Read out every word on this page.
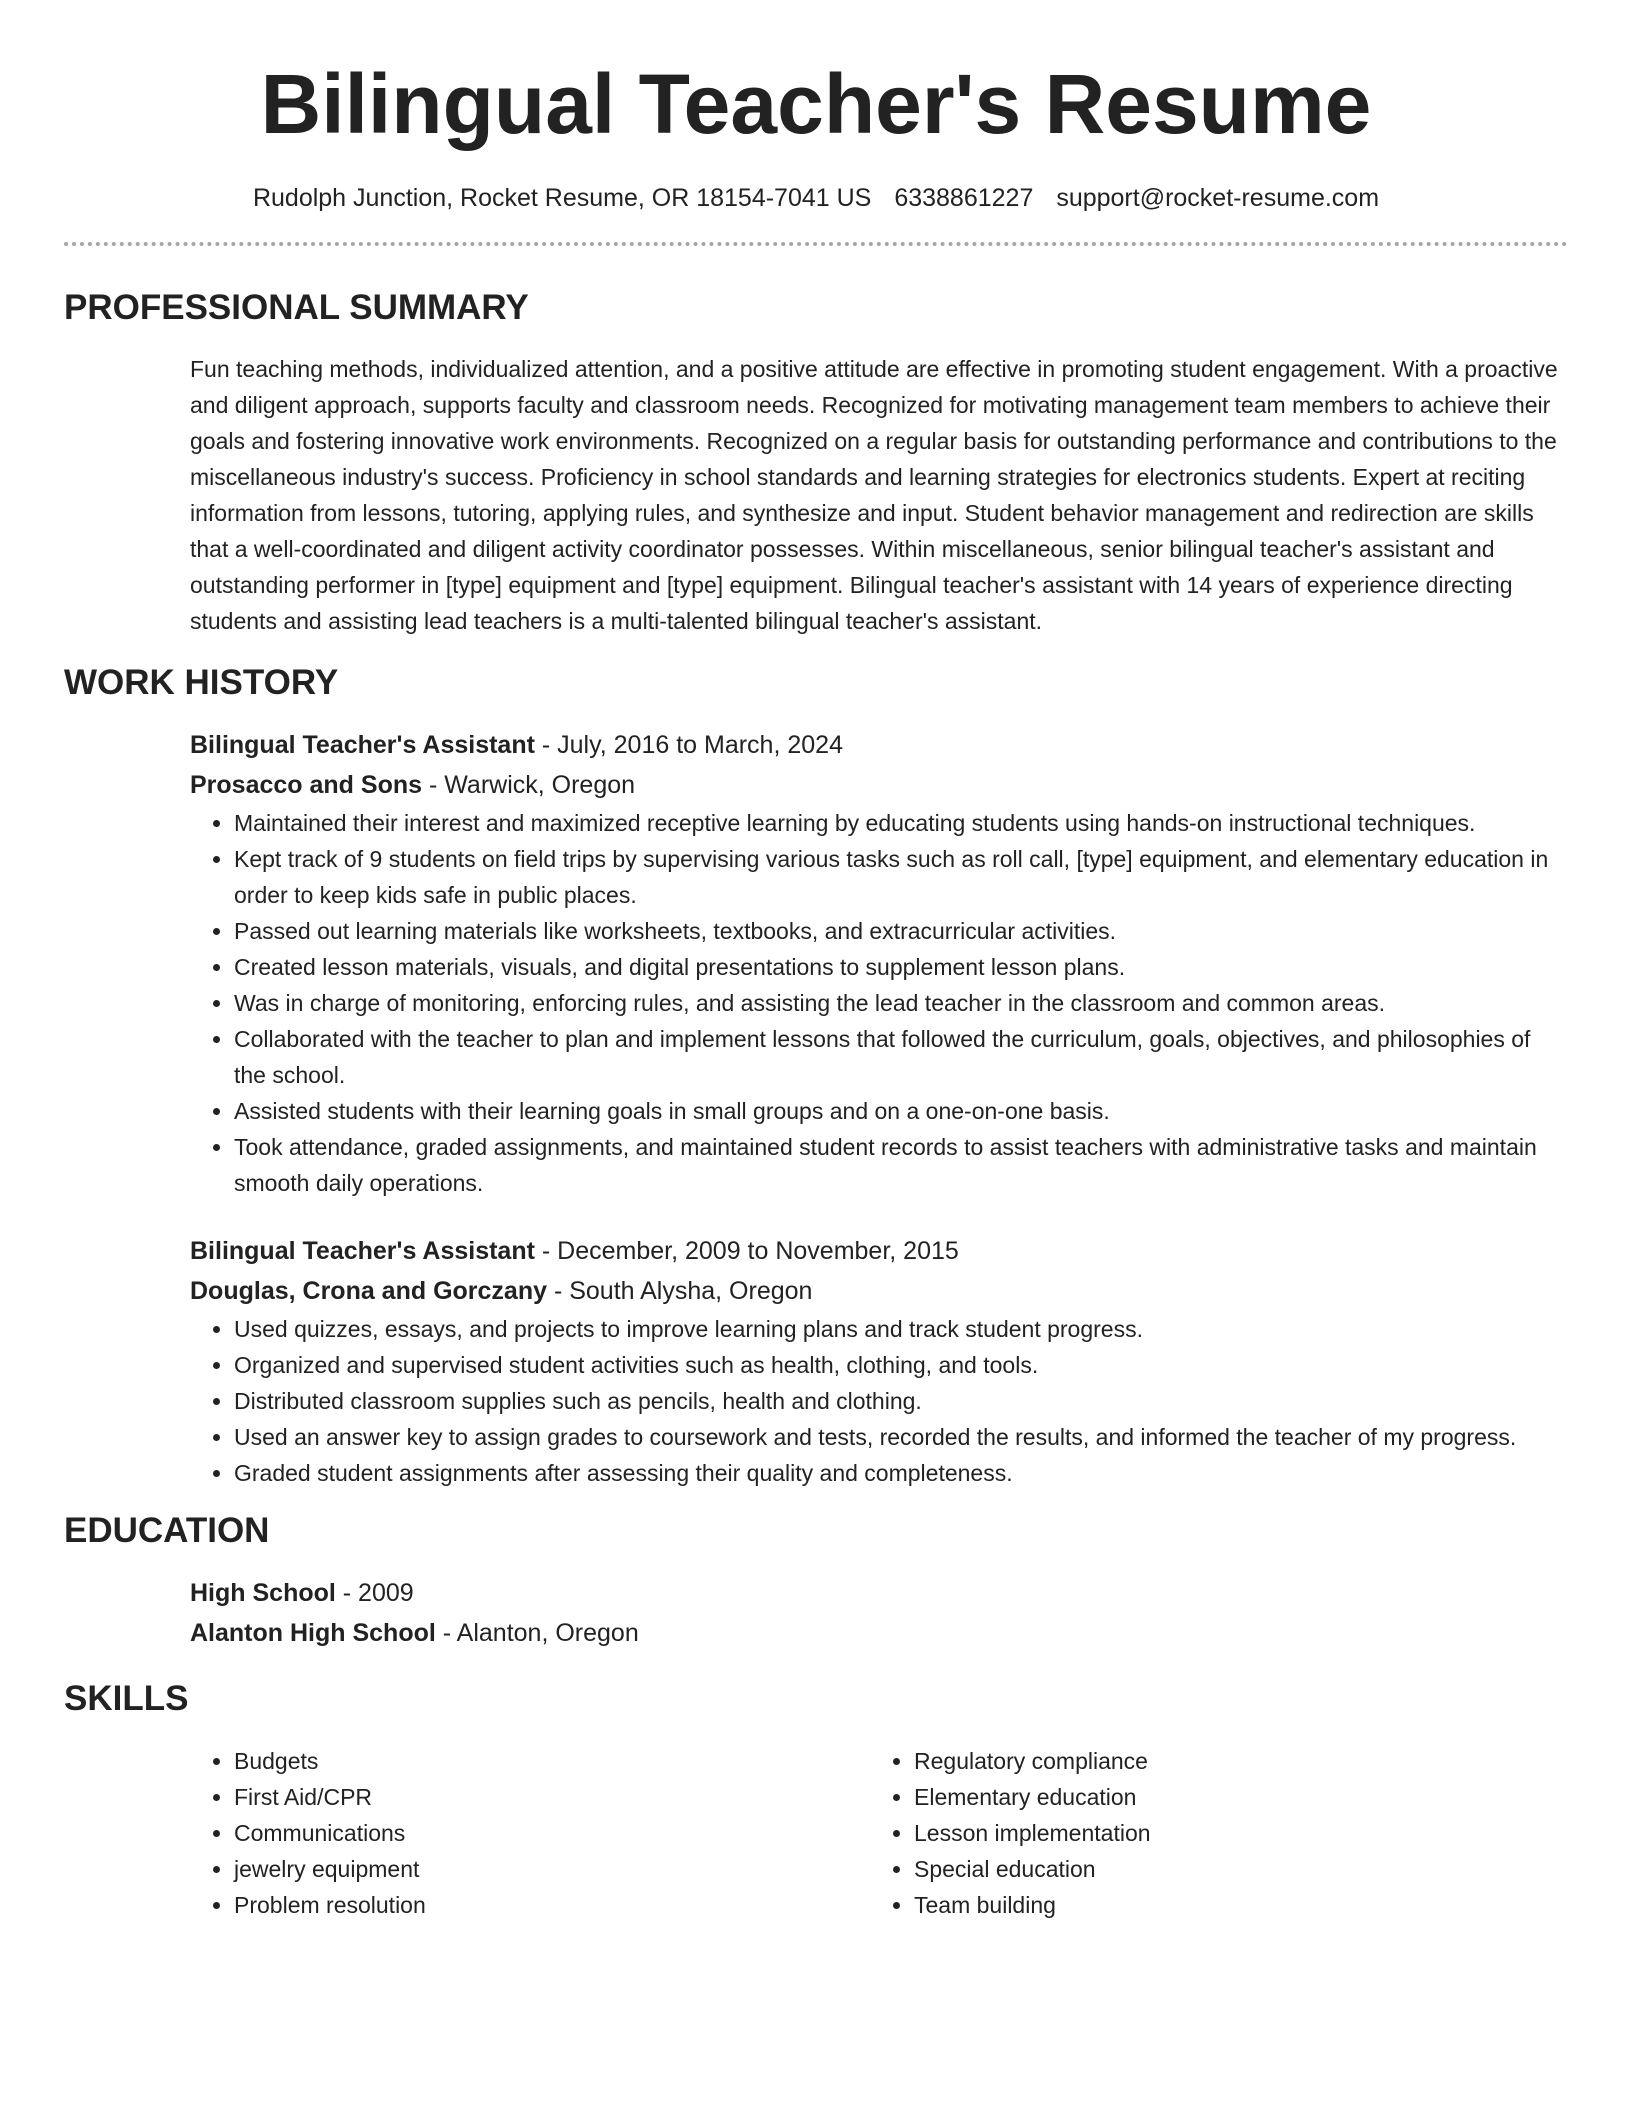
Bilingual Teacher's Resume
Rudolph Junction, Rocket Resume, OR 18154-7041 US 6338861227 support@rocket-resume.com
PROFESSIONAL SUMMARY

Fun teaching methods, individualized attention, and a positive attitude are effective in promoting student engagement. With a proactive and diligent approach, supports faculty and classroom needs. Recognized for motivating management team members to achieve their goals and fostering innovative work environments. Recognized on a regular basis for outstanding performance and contributions to the miscellaneous industry's success. Proficiency in school standards and learning strategies for electronics students. Expert at reciting information from lessons, tutoring, applying rules, and synthesize and input. Student behavior management and redirection are skills that a well-coordinated and diligent activity coordinator possesses. Within miscellaneous, senior bilingual teacher's assistant and outstanding performer in [type] equipment and [type] equipment. Bilingual teacher's assistant with 14 years of experience directing students and assisting lead teachers is a multi-talented bilingual teacher's assistant.

WORK HISTORY

Bilingual Teacher's Assistant - July, 2016 to March, 2024

Prosacco and Sons - Warwick, Oregon

• Maintained their interest and maximized receptive learning by educating students using hands-on instructional techniques.
• Kept track of 9 students on field trips by supervising various tasks such as roll call, [type] equipment, and elementary education in order to keep kids safe in public places.
• Passed out learning materials like worksheets, textbooks, and extracurricular activities.
• Created lesson materials, visuals, and digital presentations to supplement lesson plans.
• Was in charge of monitoring, enforcing rules, and assisting the lead teacher in the classroom and common areas.
• Collaborated with the teacher to plan and implement lessons that followed the curriculum, goals, objectives, and philosophies of the school.
• Assisted students with their learning goals in small groups and on a one-on-one basis.
• Took attendance, graded assignments, and maintained student records to assist teachers with administrative tasks and maintain smooth daily operations.

Bilingual Teacher's Assistant - December, 2009 to November, 2015

Douglas, Crona and Gorczany - South Alysha, Oregon

• Used quizzes, essays, and projects to improve learning plans and track student progress.
• Organized and supervised student activities such as health, clothing, and tools.
• Distributed classroom supplies such as pencils, health and clothing.
• Used an answer key to assign grades to coursework and tests, recorded the results, and informed the teacher of my progress.
• Graded student assignments after assessing their quality and completeness.
EDUCATION

High School - 2009

Alanton High School - Alanton, Oregon

SKILLS
• Budgets
• First Aid/CPR
• Communications
• jewelry equipment
• Problem resolution
• Regulatory compliance
• Elementary education
• Lesson implementation
• Special education
• Team building
